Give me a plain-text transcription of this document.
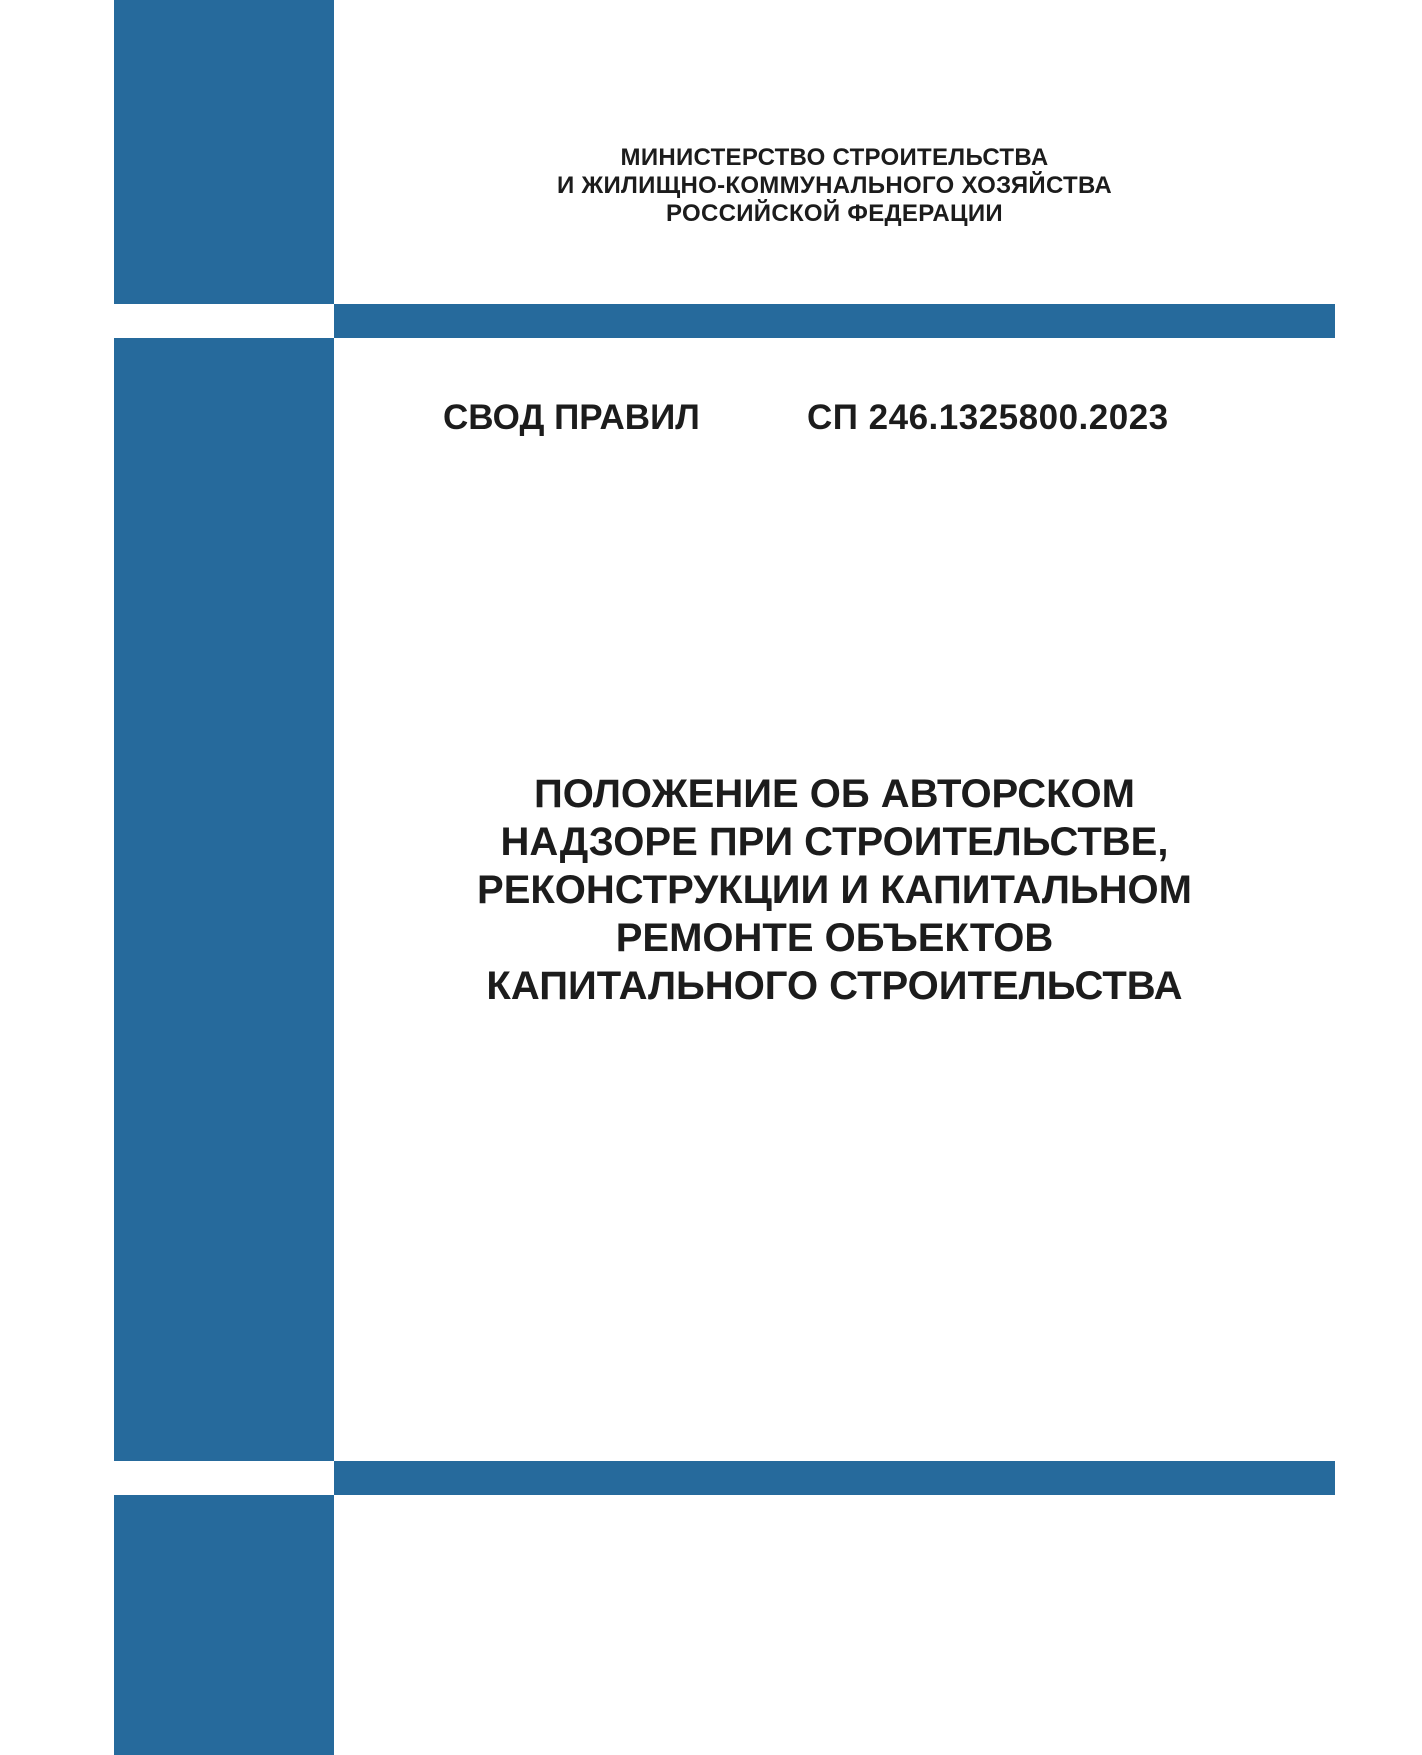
МИНИСТЕРСТВО СТРОИТЕЛЬСТВА
И ЖИЛИЩНО-КОММУНАЛЬНОГО ХОЗЯЙСТВА
РОССИЙСКОЙ ФЕДЕРАЦИИ
СВОД ПРАВИЛ	СП 246.1325800.2023
ПОЛОЖЕНИЕ ОБ АВТОРСКОМ
НАДЗОРЕ ПРИ СТРОИТЕЛЬСТВЕ,
РЕКОНСТРУКЦИИ И КАПИТАЛЬНОМ
РЕМОНТЕ ОБЪЕКТОВ
КАПИТАЛЬНОГО СТРОИТЕЛЬСТВА
